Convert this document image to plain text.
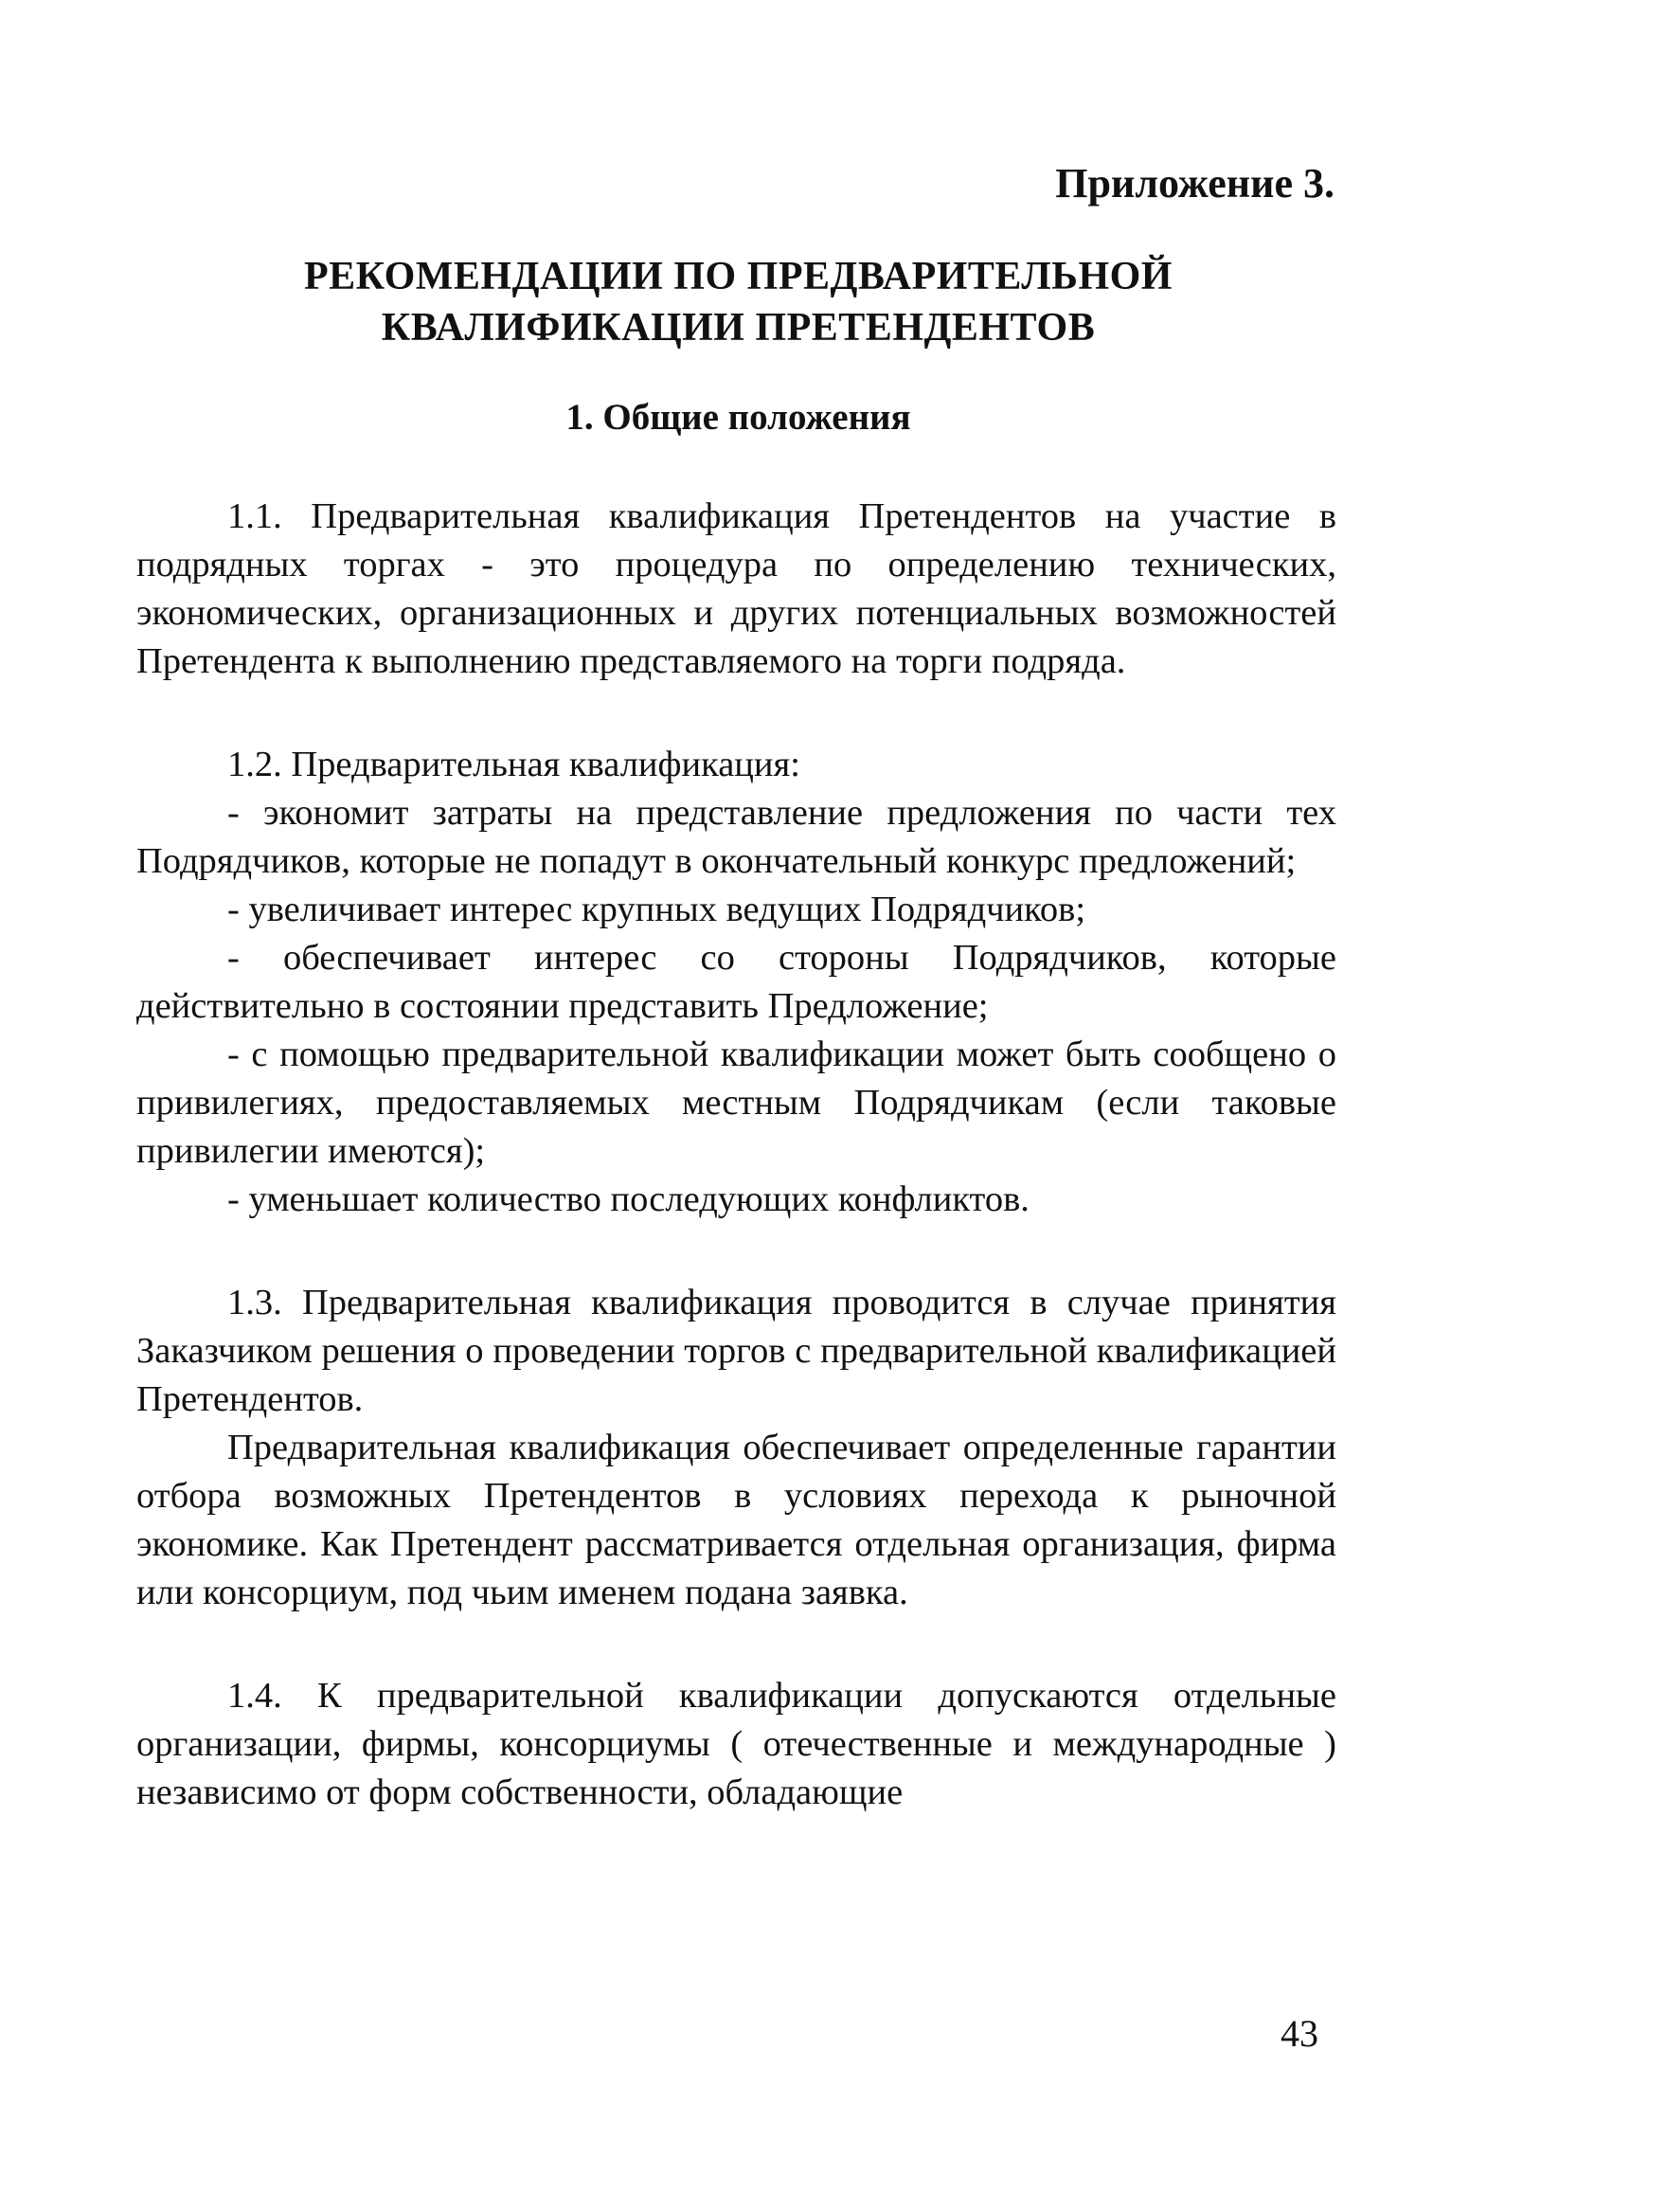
Приложение 3.
РЕКОМЕНДАЦИИ ПО ПРЕДВАРИТЕЛЬНОЙ
КВАЛИФИКАЦИИ ПРЕТЕНДЕНТОВ
1. Общие положения

1.1. Предварительная квалификация Претендентов на участие в подрядных торгах - это процедура по определению технических, экономических, организационных и других потенциальных возможностей Претендента к выполнению представляемого на торги подряда.

1.2. Предварительная квалификация:

- экономит затраты на представление предложения по части тех Подрядчиков, которые не попадут в окончательный конкурс предложений;

- увеличивает интерес крупных ведущих Подрядчиков;

- обеспечивает интерес со стороны Подрядчиков, которые действительно в состоянии представить Предложение;

- с помощью предварительной квалификации может быть сообщено о привилегиях, предоставляемых местным Подрядчикам (если таковые привилегии имеются);

- уменьшает количество последующих конфликтов.

1.3. Предварительная квалификация проводится в случае принятия Заказчиком решения о проведении торгов с предварительной квалификацией Претендентов.

Предварительная квалификация обеспечивает определенные гарантии отбора возможных Претендентов в условиях перехода к рыночной экономике. Как Претендент рассматривается отдельная организация, фирма или консорциум, под чьим именем подана заявка.

1.4. К предварительной квалификации допускаются отдельные организации, фирмы, консорциумы ( отечественные и международные ) независимо от форм собственности, обладающие

43
